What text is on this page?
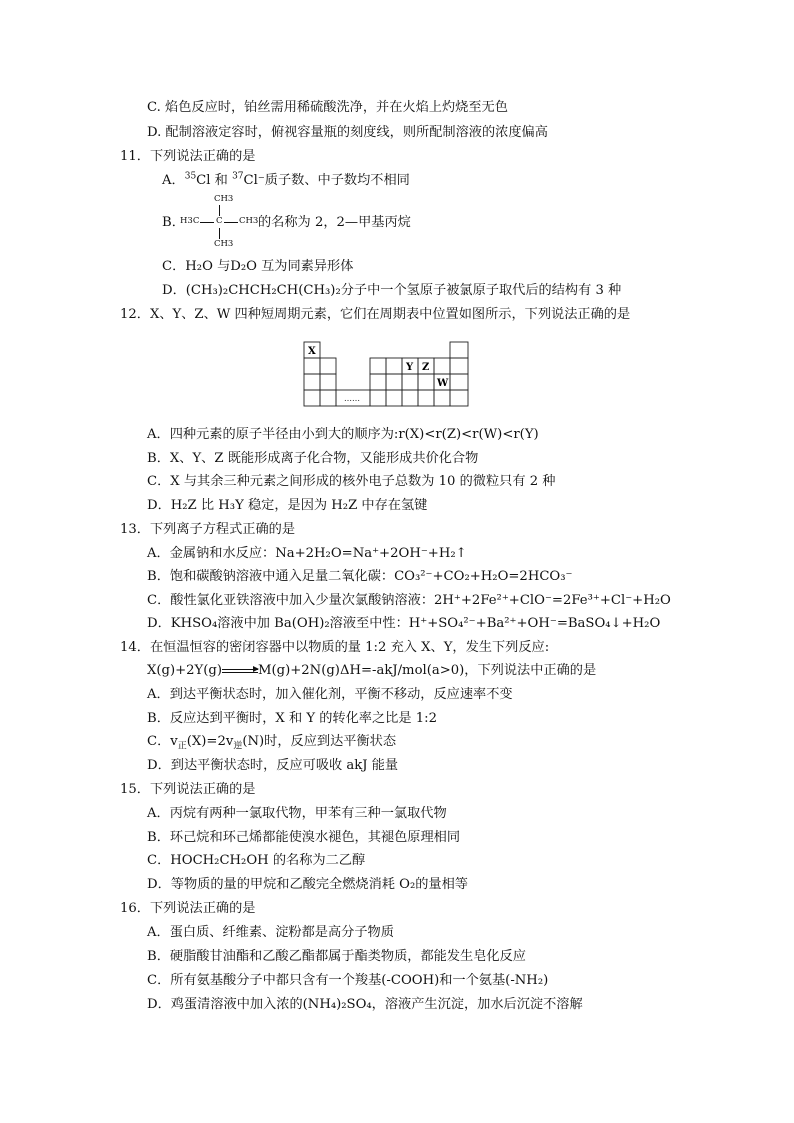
C. 焰色反应时，铂丝需用稀硫酸洗净，并在火焰上灼烧至无色
D. 配制溶液定容时，俯视容量瓶的刻度线，则所配制溶液的浓度偏高
11．下列说法正确的是
A．$^{35}$Cl 和 $^{37}$Cl⁻质子数、中子数均不相同
B．
CH3
H3C C CH3
CH3
的名称为 2，2—甲基丙烷
C．H₂O 与D₂O 互为同素异形体
D．(CH₃)₂CHCH₂CH(CH₃)₂分子中一个氢原子被氯原子取代后的结构有 3 种
12．X、Y、Z、W 四种短周期元素，它们在周期表中位置如图所示，下列说法正确的是
X
Y Z
W
……
A．四种元素的原子半径由小到大的顺序为:r(X)<r(Z)<r(W)<r(Y)
B．X、Y、Z 既能形成离子化合物，又能形成共价化合物
C．X 与其余三种元素之间形成的核外电子总数为 10 的微粒只有 2 种
D．H₂Z 比 H₃Y 稳定，是因为 H₂Z 中存在氢键
13．下列离子方程式正确的是
A．金属钠和水反应：Na+2H₂O=Na⁺+2OH⁻+H₂↑
B．饱和碳酸钠溶液中通入足量二氧化碳：CO₃²⁻+CO₂+H₂O=2HCO₃⁻
C．酸性氯化亚铁溶液中加入少量次氯酸钠溶液：2H⁺+2Fe²⁺+ClO⁻=2Fe³⁺+Cl⁻+H₂O
D．KHSO₄溶液中加 Ba(OH)₂溶液至中性：H⁺+SO₄²⁻+Ba²⁺+OH⁻=BaSO₄↓+H₂O
14．在恒温恒容的密闭容器中以物质的量 1:2 充入 X、Y，发生下列反应:
X(g)+2Y(g)	M(g)+2N(g)ΔH=-akJ/mol(a>0)，下列说法中正确的是
A．到达平衡状态时，加入催化剂，平衡不移动，反应速率不变
B．反应达到平衡时，X 和 Y 的转化率之比是 1:2
C．$v_正(X)=2v_逆(N)$时，反应到达平衡状态
D．到达平衡状态时，反应可吸收 akJ 能量
15．下列说法正确的是
A．丙烷有两种一氯取代物，甲苯有三种一氯取代物
B．环己烷和环己烯都能使溴水褪色，其褪色原理相同
C．HOCH₂CH₂OH 的名称为二乙醇
D．等物质的量的甲烷和乙酸完全燃烧消耗 O₂的量相等
16．下列说法正确的是
A．蛋白质、纤维素、淀粉都是高分子物质
B．硬脂酸甘油酯和乙酸乙酯都属于酯类物质，都能发生皂化反应
C．所有氨基酸分子中都只含有一个羧基(-COOH)和一个氨基(-NH₂)
D．鸡蛋清溶液中加入浓的(NH₄)₂SO₄，溶液产生沉淀，加水后沉淀不溶解
